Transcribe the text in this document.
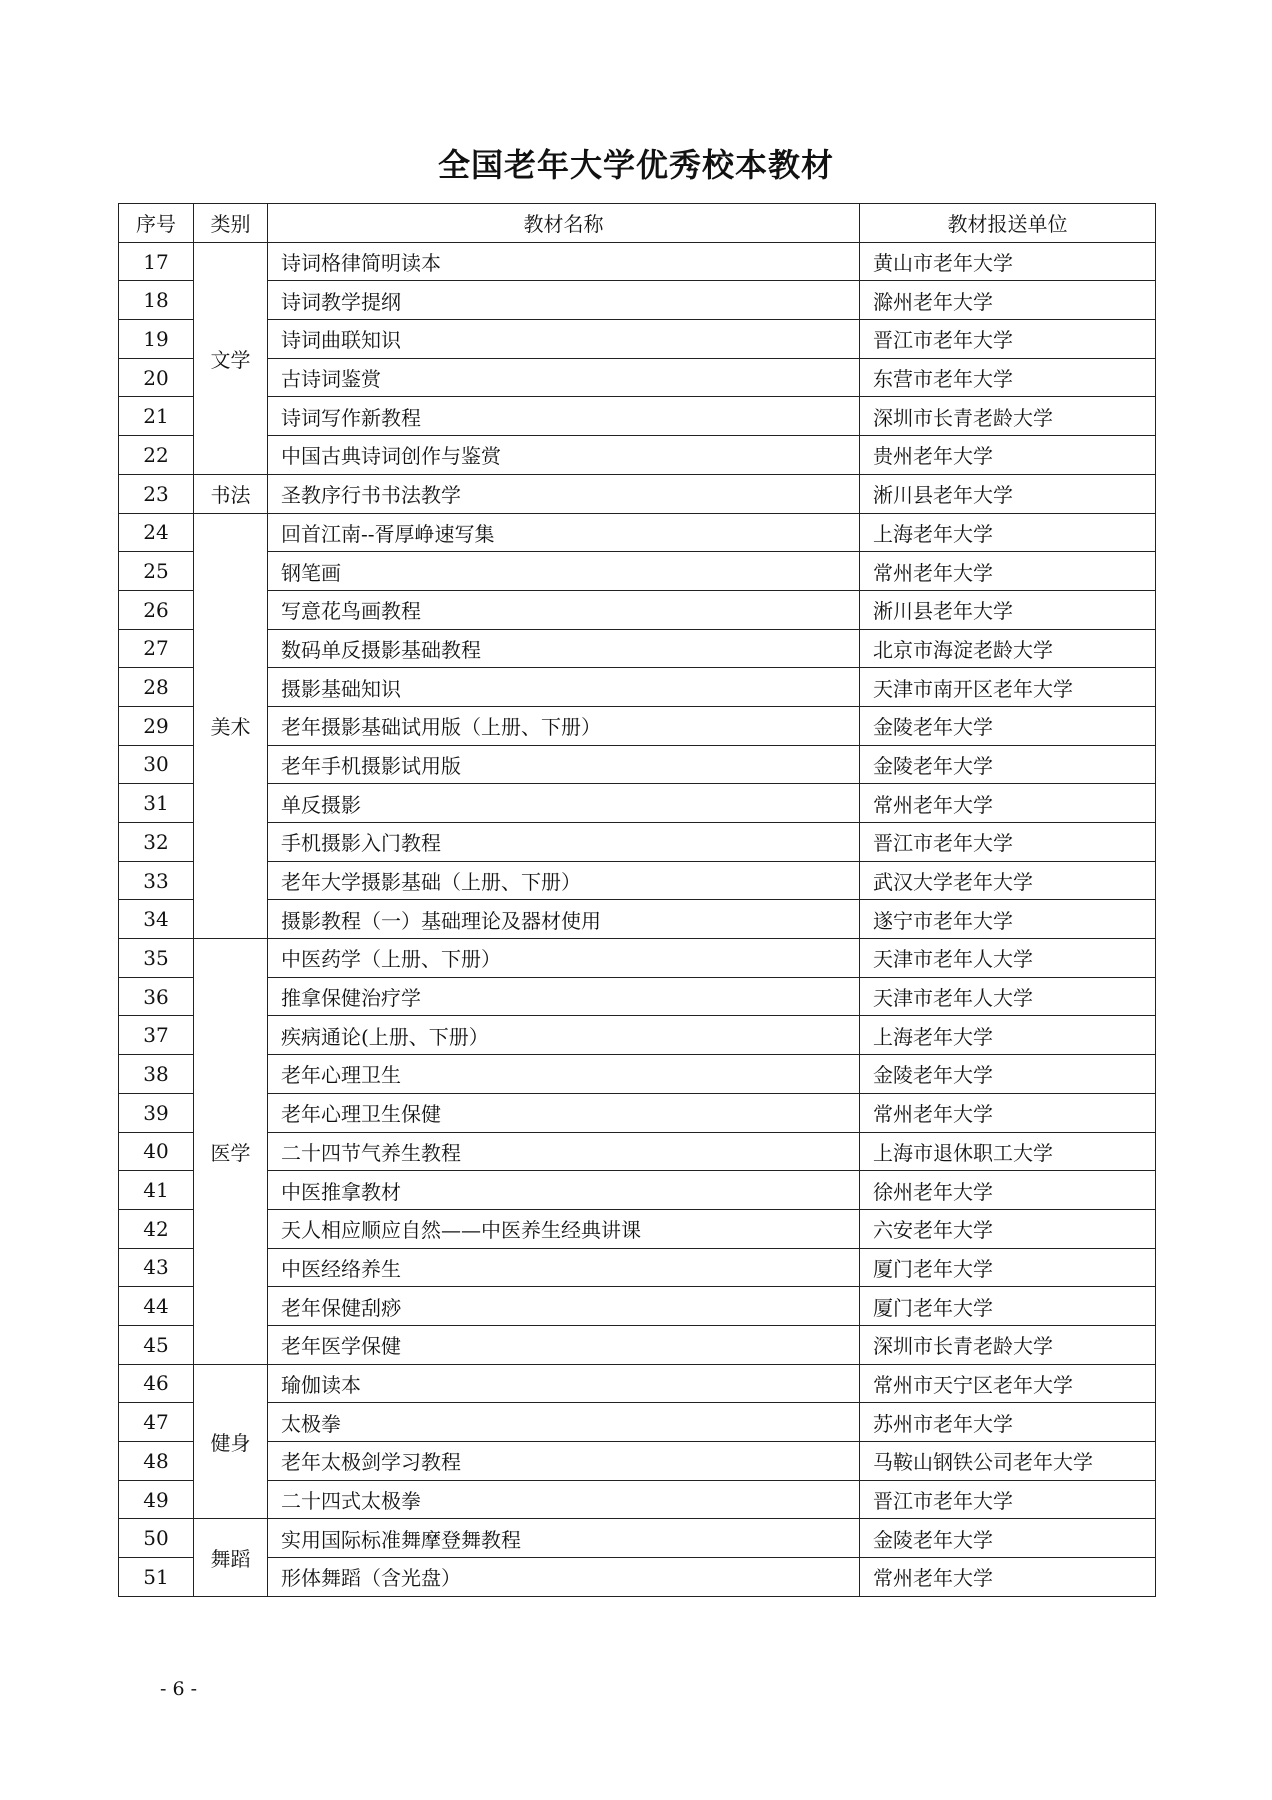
全国老年大学优秀校本教材
序号	类别	教材名称	教材报送单位
17	文学	诗词格律简明读本	黄山市老年大学
18		诗词教学提纲	滁州老年大学
19		诗词曲联知识	晋江市老年大学
20		古诗词鉴赏	东营市老年大学
21		诗词写作新教程	深圳市长青老龄大学
22		中国古典诗词创作与鉴赏	贵州老年大学
23	书法	圣教序行书书法教学	淅川县老年大学
24	美术	回首江南--胥厚峥速写集	上海老年大学
25		钢笔画	常州老年大学
26		写意花鸟画教程	淅川县老年大学
27		数码单反摄影基础教程	北京市海淀老龄大学
28		摄影基础知识	天津市南开区老年大学
29		老年摄影基础试用版（上册、下册）	金陵老年大学
30		老年手机摄影试用版	金陵老年大学
31		单反摄影	常州老年大学
32		手机摄影入门教程	晋江市老年大学
33		老年大学摄影基础（上册、下册）	武汉大学老年大学
34		摄影教程（一）基础理论及器材使用	遂宁市老年大学
35	医学	中医药学（上册、下册）	天津市老年人大学
36		推拿保健治疗学	天津市老年人大学
37		疾病通论(上册、下册）	上海老年大学
38		老年心理卫生	金陵老年大学
39		老年心理卫生保健	常州老年大学
40		二十四节气养生教程	上海市退休职工大学
41		中医推拿教材	徐州老年大学
42		天人相应顺应自然——中医养生经典讲课	六安老年大学
43		中医经络养生	厦门老年大学
44		老年保健刮痧	厦门老年大学
45		老年医学保健	深圳市长青老龄大学
46	健身	瑜伽读本	常州市天宁区老年大学
47		太极拳	苏州市老年大学
48		老年太极剑学习教程	马鞍山钢铁公司老年大学
49		二十四式太极拳	晋江市老年大学
50	舞蹈	实用国际标准舞摩登舞教程	金陵老年大学
51		形体舞蹈（含光盘）	常州老年大学
- 6 -
